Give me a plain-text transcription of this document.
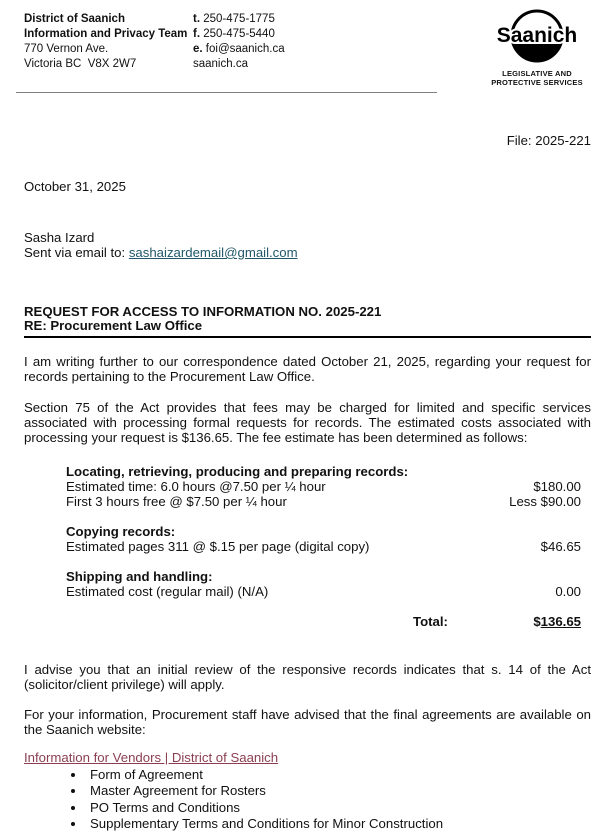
District of Saanich
Information and Privacy Team
770 Vernon Ave.
Victoria BC  V8X 2W7
t. 250-475-1775
f. 250-475-5440
e. foi@saanich.ca
saanich.ca
Saanich
LEGISLATIVE AND
PROTECTIVE SERVICES
File: 2025-221
October 31, 2025
Sasha Izard
Sent via email to: sashaizardemail@gmail.com
REQUEST FOR ACCESS TO INFORMATION NO. 2025-221
RE: Procurement Law Office

I am writing further to our correspondence dated October 21, 2025, regarding your request for records pertaining to the Procurement Law Office.

Section 75 of the Act provides that fees may be charged for limited and specific services associated with processing formal requests for records. The estimated costs associated with processing your request is $136.65. The fee estimate has been determined as follows:

Locating, retrieving, producing and preparing records:
Estimated time: 6.0 hours @7.50 per ¼ hour	$180.00
First 3 hours free @ $7.50 per ¼ hour	Less $90.00
Copying records:
Estimated pages 311 @ $.15 per page (digital copy)	$46.65
Shipping and handling:
Estimated cost (regular mail) (N/A)	0.00
Total:	$136.65

I advise you that an initial review of the responsive records indicates that s. 14 of the Act (solicitor/client privilege) will apply.

For your information, Procurement staff have advised that the final agreements are available on the Saanich website:

Information for Vendors | District of Saanich
Form of Agreement
Master Agreement for Rosters
PO Terms and Conditions
Supplementary Terms and Conditions for Minor Construction
